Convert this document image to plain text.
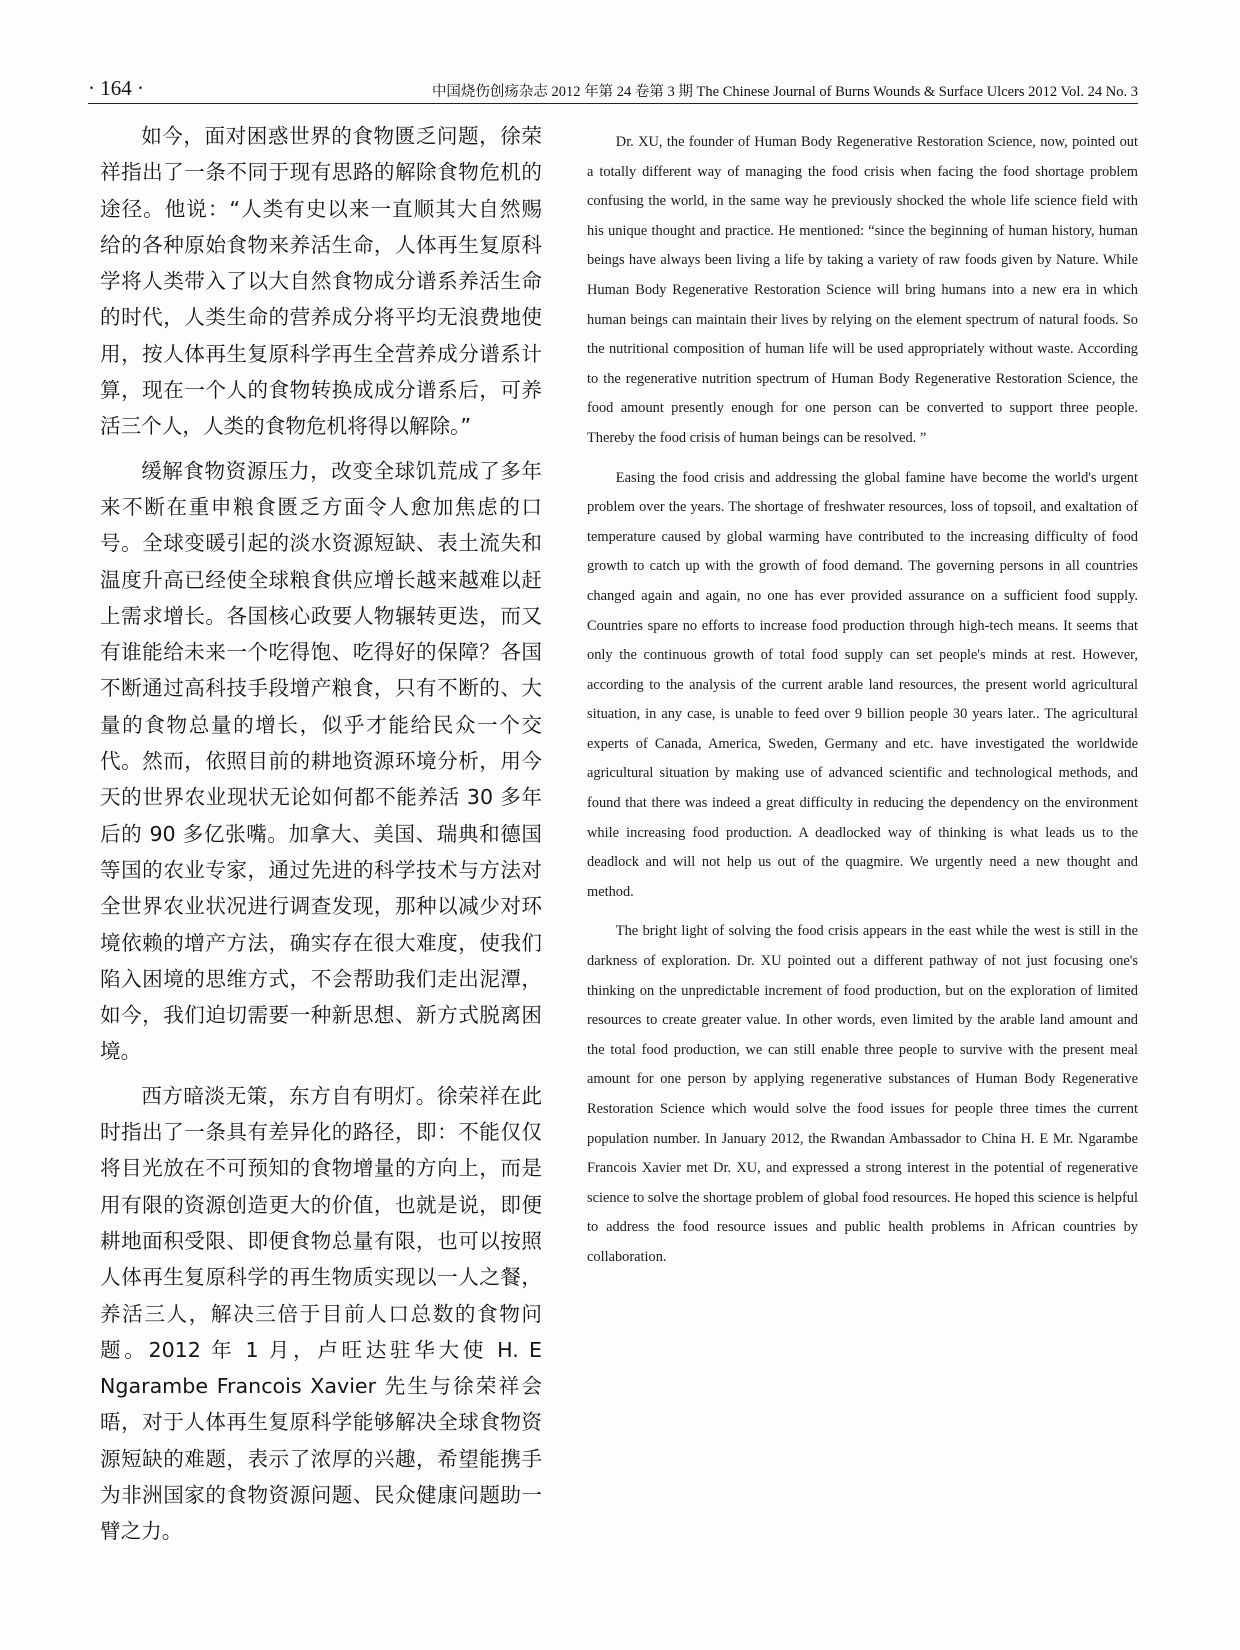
· 164 ·	中国烧伤创疡杂志 2012 年第 24 卷第 3 期 The Chinese Journal of Burns Wounds & Surface Ulcers 2012 Vol. 24 No. 3

如今，面对困惑世界的食物匮乏问题，徐荣祥指出了一条不同于现有思路的解除食物危机的途径。他说：“人类有史以来一直顺其大自然赐给的各种原始食物来养活生命，人体再生复原科学将人类带入了以大自然食物成分谱系养活生命的时代，人类生命的营养成分将平均无浪费地使用，按人体再生复原科学再生全营养成分谱系计算，现在一个人的食物转换成成分谱系后，可养活三个人，人类的食物危机将得以解除。”

缓解食物资源压力，改变全球饥荒成了多年来不断在重申粮食匮乏方面令人愈加焦虑的口号。全球变暖引起的淡水资源短缺、表土流失和温度升高已经使全球粮食供应增长越来越难以赶上需求增长。各国核心政要人物辗转更迭，而又有谁能给未来一个吃得饱、吃得好的保障？各国不断通过高科技手段增产粮食，只有不断的、大量的食物总量的增长，似乎才能给民众一个交代。然而，依照目前的耕地资源环境分析，用今天的世界农业现状无论如何都不能养活 30 多年后的 90 多亿张嘴。加拿大、美国、瑞典和德国等国的农业专家，通过先进的科学技术与方法对全世界农业状况进行调查发现，那种以减少对环境依赖的增产方法，确实存在很大难度，使我们陷入困境的思维方式，不会帮助我们走出泥潭，如今，我们迫切需要一种新思想、新方式脱离困境。

西方暗淡无策，东方自有明灯。徐荣祥在此时指出了一条具有差异化的路径，即：不能仅仅将目光放在不可预知的食物增量的方向上，而是用有限的资源创造更大的价值，也就是说，即便耕地面积受限、即便食物总量有限，也可以按照人体再生复原科学的再生物质实现以一人之餐，养活三人，解决三倍于目前人口总数的食物问题。2012 年 1 月，卢旺达驻华大使 H. E Ngarambe Francois Xavier 先生与徐荣祥会晤，对于人体再生复原科学能够解决全球食物资源短缺的难题，表示了浓厚的兴趣，希望能携手为非洲国家的食物资源问题、民众健康问题助一臂之力。

Dr. XU, the founder of Human Body Regenerative Restoration Science, now, pointed out a totally different way of managing the food crisis when facing the food shortage problem confusing the world, in the same way he previously shocked the whole life science field with his unique thought and practice. He mentioned: “since the beginning of human history, human beings have always been living a life by taking a variety of raw foods given by Nature. While Human Body Regenerative Restoration Science will bring humans into a new era in which human beings can maintain their lives by relying on the element spectrum of natural foods. So the nutritional composition of human life will be used appropriately without waste. According to the regenerative nutrition spectrum of Human Body Regenerative Restoration Science, the food amount presently enough for one person can be converted to support three people. Thereby the food crisis of human beings can be resolved. ”

Easing the food crisis and addressing the global famine have become the world's urgent problem over the years. The shortage of freshwater resources, loss of topsoil, and exaltation of temperature caused by global warming have contributed to the increasing difficulty of food growth to catch up with the growth of food demand. The governing persons in all countries changed again and again, no one has ever provided assurance on a sufficient food supply. Countries spare no efforts to increase food production through high-tech means. It seems that only the continuous growth of total food supply can set people's minds at rest. However, according to the analysis of the current arable land resources, the present world agricultural situation, in any case, is unable to feed over 9 billion people 30 years later.. The agricultural experts of Canada, America, Sweden, Germany and etc. have investigated the worldwide agricultural situation by making use of advanced scientific and technological methods, and found that there was indeed a great difficulty in reducing the dependency on the environment while increasing food production. A deadlocked way of thinking is what leads us to the deadlock and will not help us out of the quagmire. We urgently need a new thought and method.

The bright light of solving the food crisis appears in the east while the west is still in the darkness of exploration. Dr. XU pointed out a different pathway of not just focusing one's thinking on the unpredictable increment of food production, but on the exploration of limited resources to create greater value. In other words, even limited by the arable land amount and the total food production, we can still enable three people to survive with the present meal amount for one person by applying regenerative substances of Human Body Regenerative Restoration Science which would solve the food issues for people three times the current population number. In January 2012, the Rwandan Ambassador to China H. E Mr. Ngarambe Francois Xavier met Dr. XU, and expressed a strong interest in the potential of regenerative science to solve the shortage problem of global food resources. He hoped this science is helpful to address the food resource issues and public health problems in African countries by collaboration.
